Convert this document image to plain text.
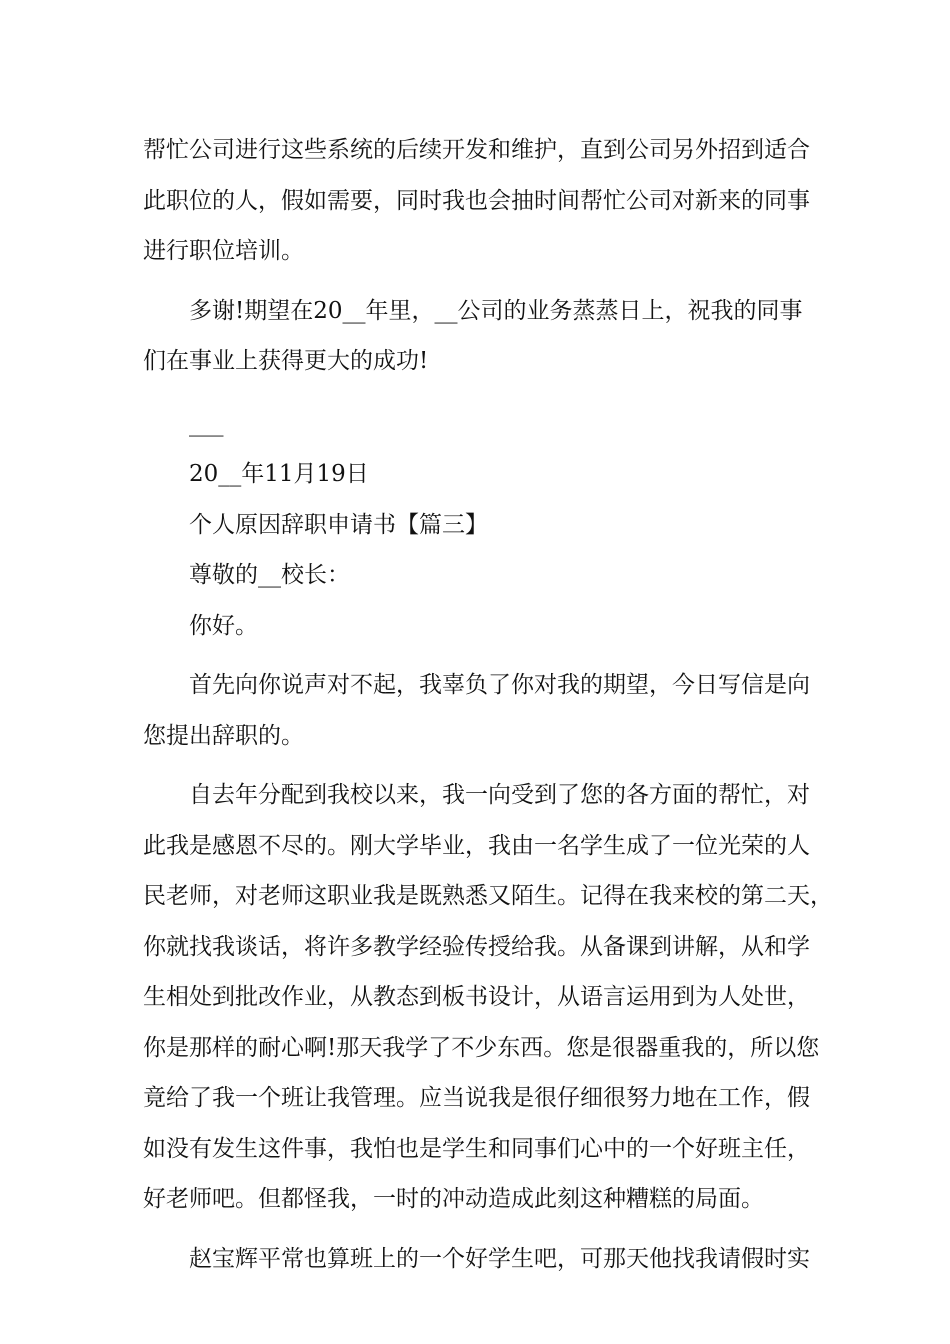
帮忙公司进行这些系统的后续开发和维护，直到公司另外招到适合
此职位的人，假如需要，同时我也会抽时间帮忙公司对新来的同事
进行职位培训。
多谢!期望在20__年里，__公司的业务蒸蒸日上，祝我的同事
们在事业上获得更大的成功!
___
20__年11月19日
个人原因辞职申请书【篇三】
尊敬的__校长：
你好。
首先向你说声对不起，我辜负了你对我的期望，今日写信是向
您提出辞职的。
自去年分配到我校以来，我一向受到了您的各方面的帮忙，对
此我是感恩不尽的。刚大学毕业，我由一名学生成了一位光荣的人
民老师，对老师这职业我是既熟悉又陌生。记得在我来校的第二天，
你就找我谈话，将许多教学经验传授给我。从备课到讲解，从和学
生相处到批改作业，从教态到板书设计，从语言运用到为人处世，
你是那样的耐心啊!那天我学了不少东西。您是很器重我的，所以您
竟给了我一个班让我管理。应当说我是很仔细很努力地在工作，假
如没有发生这件事，我怕也是学生和同事们心中的一个好班主任，
好老师吧。但都怪我，一时的冲动造成此刻这种糟糕的局面。
赵宝辉平常也算班上的一个好学生吧，可那天他找我请假时实
